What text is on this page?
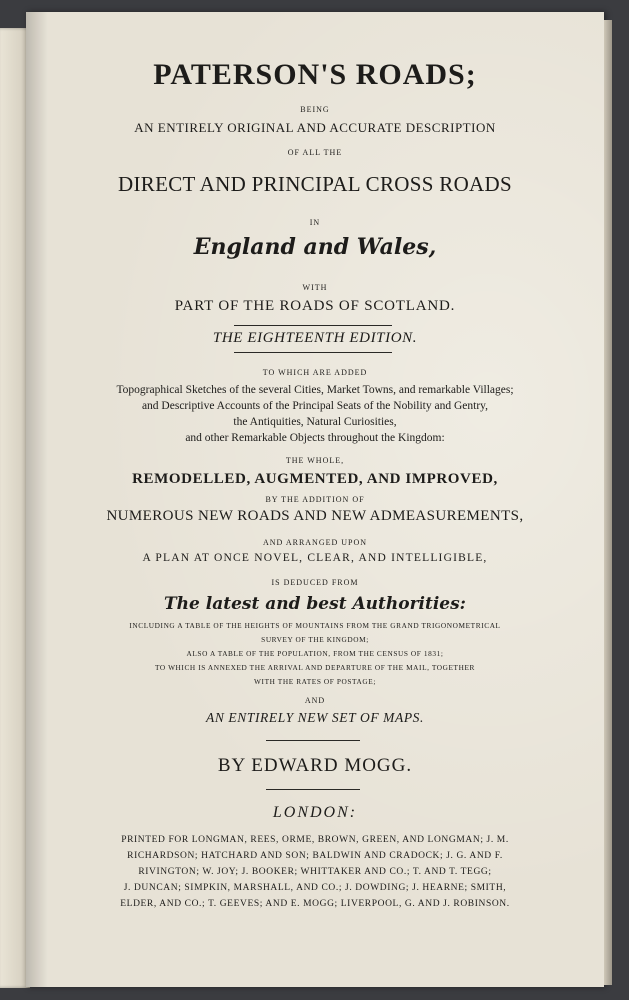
PATERSON'S ROADS;
BEING
AN ENTIRELY ORIGINAL AND ACCURATE DESCRIPTION
OF ALL THE
DIRECT AND PRINCIPAL CROSS ROADS
IN
England and Wales,
WITH
PART OF THE ROADS OF SCOTLAND.
THE EIGHTEENTH EDITION.
TO WHICH ARE ADDED
Topographical Sketches of the several Cities, Market Towns, and remarkable Villages;
and Descriptive Accounts of the Principal Seats of the Nobility and Gentry,
the Antiquities, Natural Curiosities,
and other Remarkable Objects throughout the Kingdom:
THE WHOLE,
REMODELLED, AUGMENTED, AND IMPROVED,
BY THE ADDITION OF
NUMEROUS NEW ROADS AND NEW ADMEASUREMENTS,
AND ARRANGED UPON
A PLAN AT ONCE NOVEL, CLEAR, AND INTELLIGIBLE,
IS DEDUCED FROM
The latest and best Authorities:
INCLUDING A TABLE OF THE HEIGHTS OF MOUNTAINS FROM THE GRAND TRIGONOMETRICAL
SURVEY OF THE KINGDOM;
ALSO A TABLE OF THE POPULATION, FROM THE CENSUS OF 1831;
TO WHICH IS ANNEXED THE ARRIVAL AND DEPARTURE OF THE MAIL, TOGETHER
WITH THE RATES OF POSTAGE;
AND
AN ENTIRELY NEW SET OF MAPS.
BY EDWARD MOGG.
LONDON:
PRINTED FOR LONGMAN, REES, ORME, BROWN, GREEN, AND LONGMAN; J. M.
RICHARDSON; HATCHARD AND SON; BALDWIN AND CRADOCK; J. G. AND F.
RIVINGTON; W. JOY; J. BOOKER; WHITTAKER AND CO.; T. AND T. TEGG;
J. DUNCAN; SIMPKIN, MARSHALL, AND CO.; J. DOWDING; J. HEARNE; SMITH,
ELDER, AND CO.; T. GEEVES; AND E. MOGG; LIVERPOOL, G. AND J. ROBINSON.
